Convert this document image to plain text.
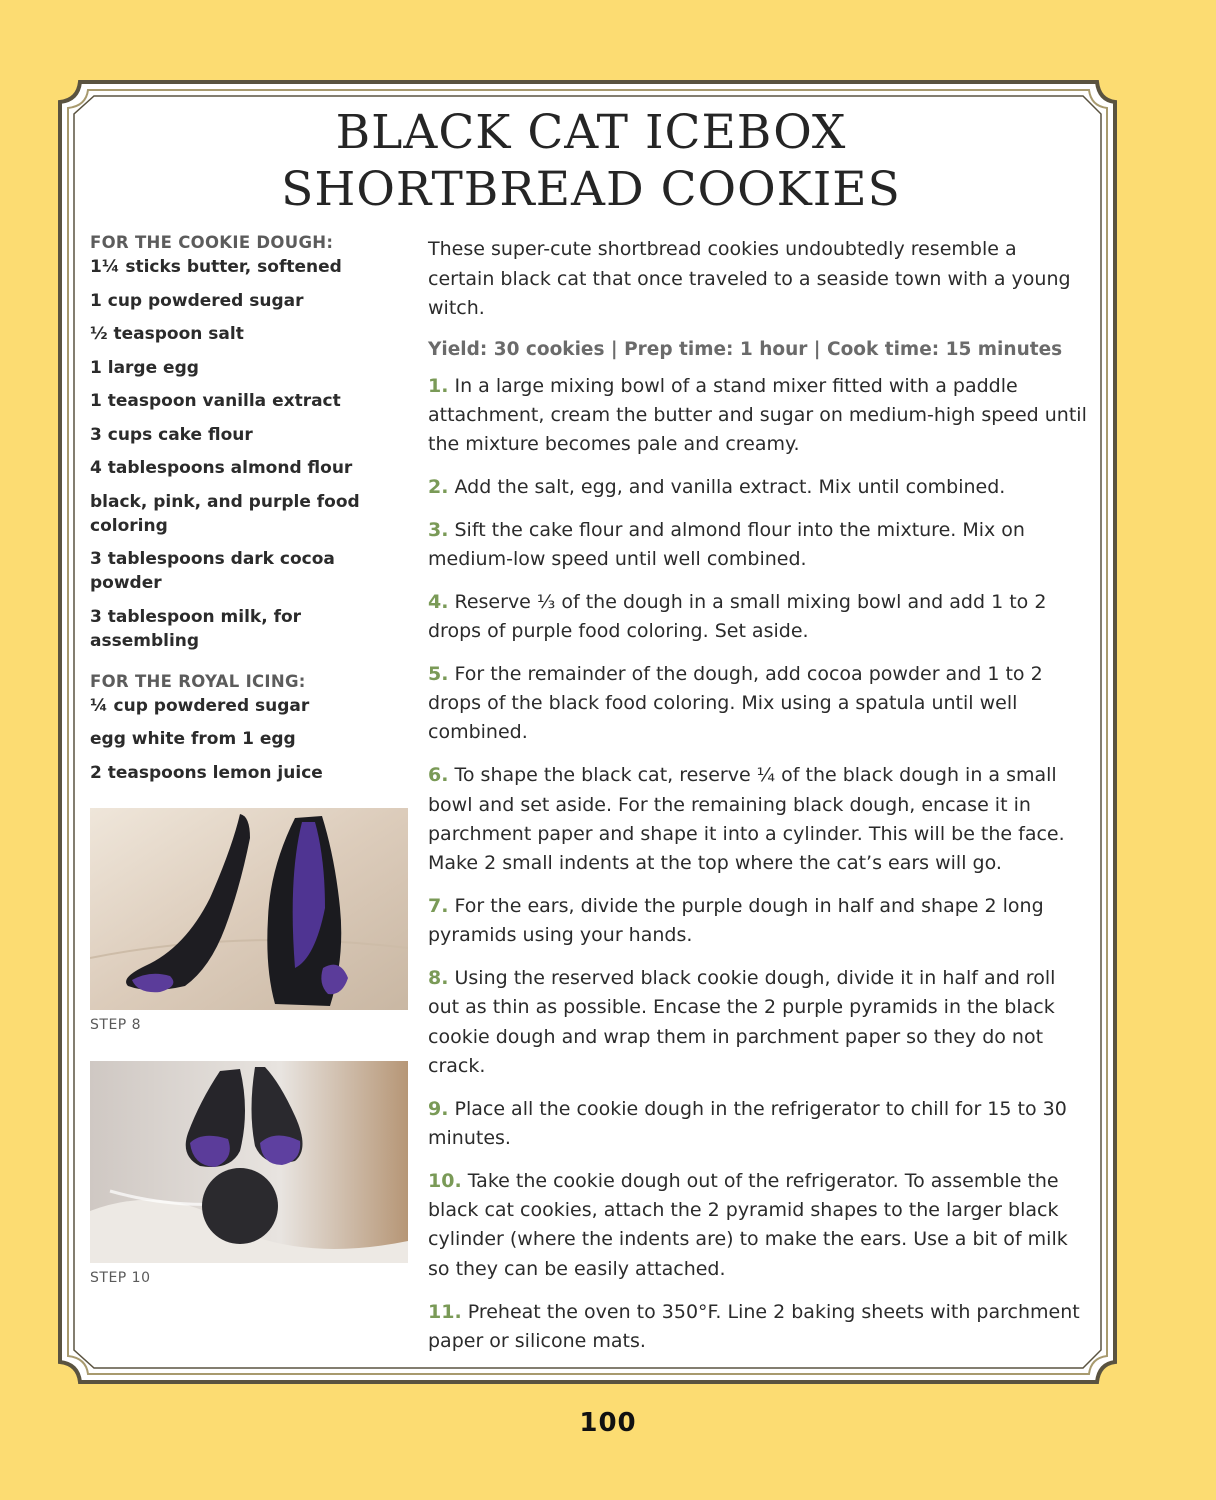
BLACK CAT ICEBOX
SHORTBREAD COOKIES

FOR THE COOKIE DOUGH:

1¼ sticks butter, softened
1 cup powdered sugar
½ teaspoon salt
1 large egg
1 teaspoon vanilla extract
3 cups cake flour
4 tablespoons almond flour
black, pink, and purple food coloring
3 tablespoons dark cocoa powder
3 tablespoon milk, for assembling

FOR THE ROYAL ICING:

¼ cup powdered sugar
egg white from 1 egg
2 teaspoons lemon juice
STEP 8
STEP 10

These super-cute shortbread cookies undoubtedly resemble a certain black cat that once traveled to a seaside town with a young witch.

Yield: 30 cookies | Prep time: 1 hour | Cook time: 15 minutes

1. In a large mixing bowl of a stand mixer fitted with a paddle attachment, cream the butter and sugar on medium-high speed until the mixture becomes pale and creamy.
2. Add the salt, egg, and vanilla extract. Mix until combined.
3. Sift the cake flour and almond flour into the mixture. Mix on medium-low speed until well combined.
4. Reserve ⅓ of the dough in a small mixing bowl and add 1 to 2 drops of purple food coloring. Set aside.
5. For the remainder of the dough, add cocoa powder and 1 to 2 drops of the black food coloring. Mix using a spatula until well combined.
6. To shape the black cat, reserve ¼ of the black dough in a small bowl and set aside. For the remaining black dough, encase it in parchment paper and shape it into a cylinder. This will be the face. Make 2 small indents at the top where the cat’s ears will go.
7. For the ears, divide the purple dough in half and shape 2 long pyramids using your hands.
8. Using the reserved black cookie dough, divide it in half and roll out as thin as possible. Encase the 2 purple pyramids in the black cookie dough and wrap them in parchment paper so they do not crack.
9. Place all the cookie dough in the refrigerator to chill for 15 to 30 minutes.
10. Take the cookie dough out of the refrigerator. To assemble the black cat cookies, attach the 2 pyramid shapes to the larger black cylinder (where the indents are) to make the ears. Use a bit of milk so they can be easily attached.
11. Preheat the oven to 350°F. Line 2 baking sheets with parchment paper or silicone mats.
100
